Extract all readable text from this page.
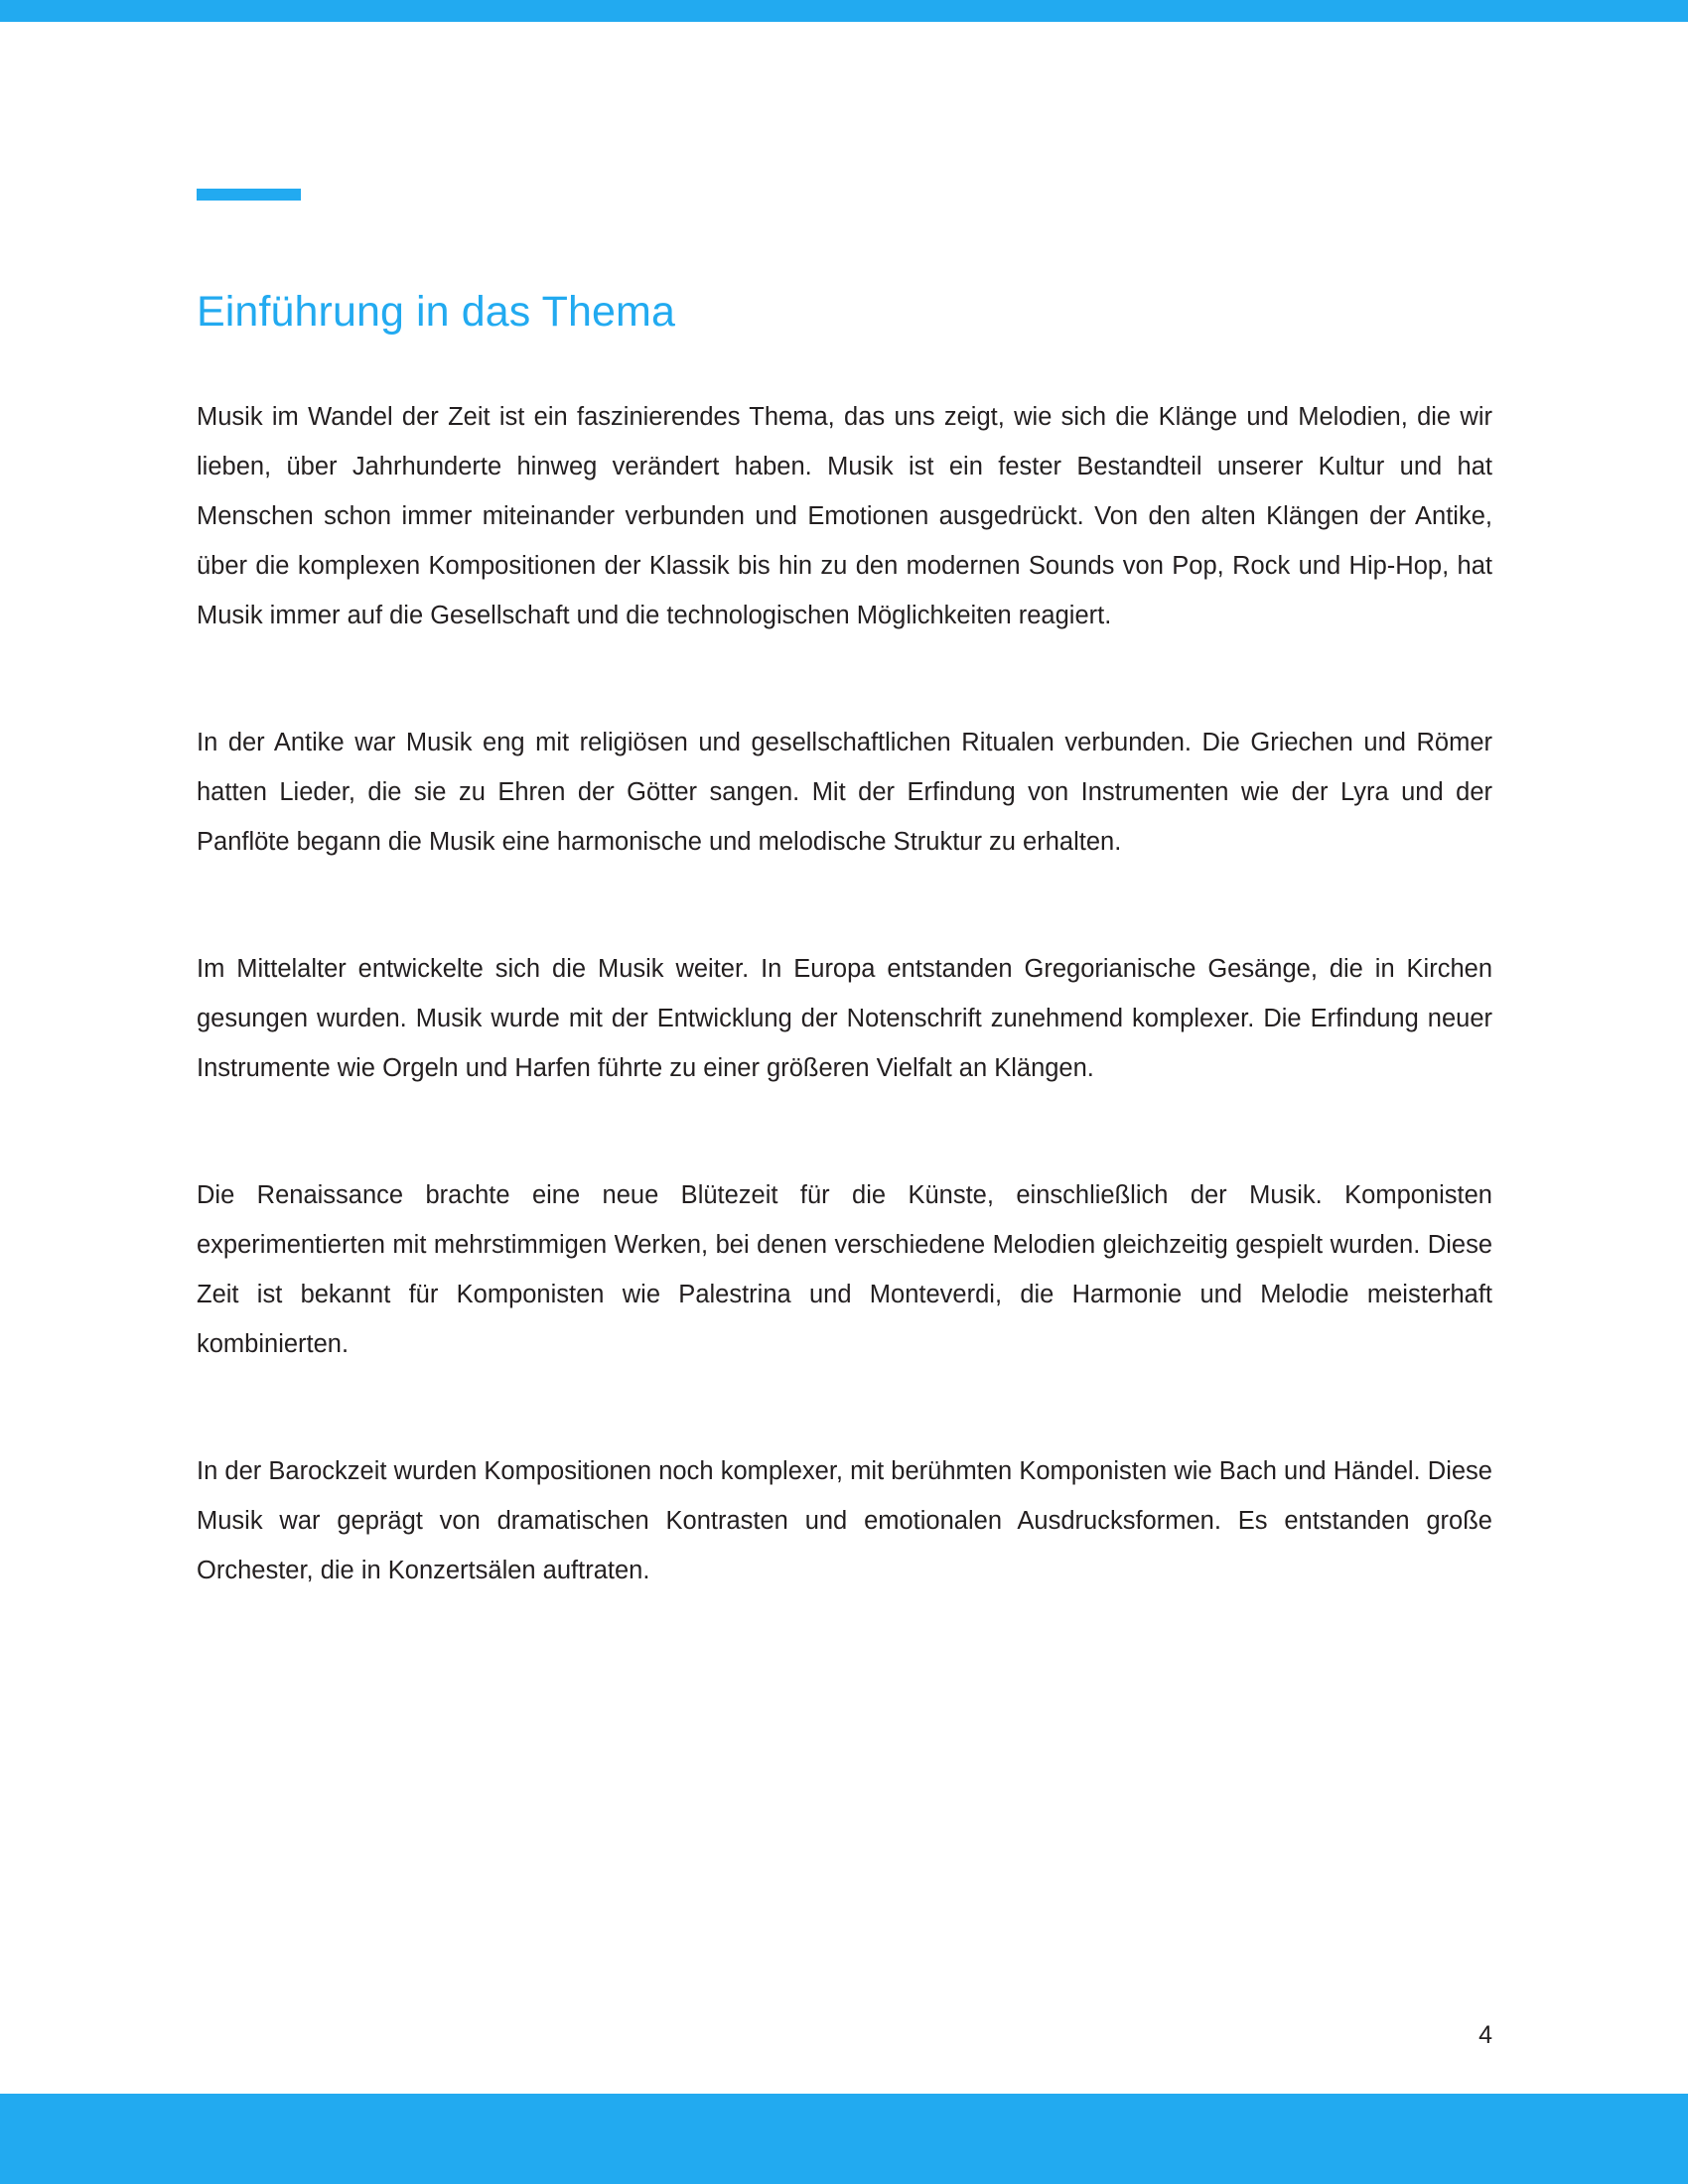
Einführung in das Thema

Musik im Wandel der Zeit ist ein faszinierendes Thema, das uns zeigt, wie sich die Klänge und Melodien, die wir lieben, über Jahrhunderte hinweg verändert haben. Musik ist ein fester Bestandteil unserer Kultur und hat Menschen schon immer miteinander verbunden und Emotionen ausgedrückt. Von den alten Klängen der Antike, über die komplexen Kompositionen der Klassik bis hin zu den modernen Sounds von Pop, Rock und Hip-Hop, hat Musik immer auf die Gesellschaft und die technologischen Möglichkeiten reagiert.

In der Antike war Musik eng mit religiösen und gesellschaftlichen Ritualen verbunden. Die Griechen und Römer hatten Lieder, die sie zu Ehren der Götter sangen. Mit der Erfindung von Instrumenten wie der Lyra und der Panflöte begann die Musik eine harmonische und melodische Struktur zu erhalten.

Im Mittelalter entwickelte sich die Musik weiter. In Europa entstanden Gregorianische Gesänge, die in Kirchen gesungen wurden. Musik wurde mit der Entwicklung der Notenschrift zunehmend komplexer. Die Erfindung neuer Instrumente wie Orgeln und Harfen führte zu einer größeren Vielfalt an Klängen.

Die Renaissance brachte eine neue Blütezeit für die Künste, einschließlich der Musik. Komponisten experimentierten mit mehrstimmigen Werken, bei denen verschiedene Melodien gleichzeitig gespielt wurden. Diese Zeit ist bekannt für Komponisten wie Palestrina und Monteverdi, die Harmonie und Melodie meisterhaft kombinierten.

In der Barockzeit wurden Kompositionen noch komplexer, mit berühmten Komponisten wie Bach und Händel. Diese Musik war geprägt von dramatischen Kontrasten und emotionalen Ausdrucksformen. Es entstanden große Orchester, die in Konzertsälen auftraten.

4
